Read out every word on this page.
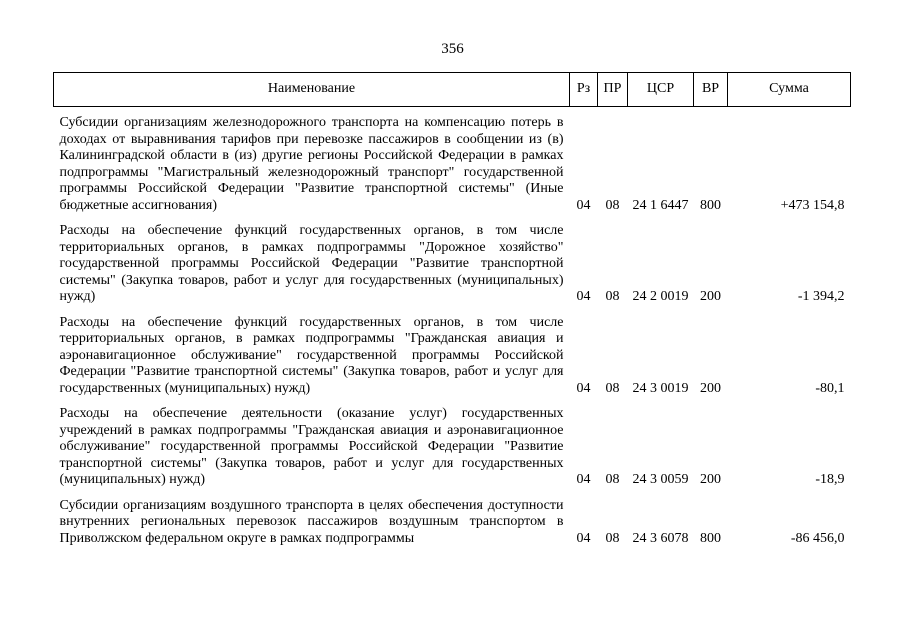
356
Наименование	Рз	ПР	ЦСР	ВР	Сумма
Субсидии организациям железнодорожного транспорта на компенсацию потерь в доходах от выравнивания тарифов при перевозке пассажиров в сообщении из (в) Калининградской области в (из) другие регионы Российской Федерации в рамках подпрограммы "Магистральный железнодорожный транспорт" государственной программы Российской Федерации "Развитие транспортной системы" (Иные бюджетные ассигнования)	04	08	24 1 6447	800	+473 154,8
Расходы на обеспечение функций государственных органов, в том числе территориальных органов, в рамках подпрограммы "Дорожное хозяйство" государственной программы Российской Федерации "Развитие транспортной системы" (Закупка товаров, работ и услуг для государственных (муниципальных) нужд)	04	08	24 2 0019	200	-1 394,2
Расходы на обеспечение функций государственных органов, в том числе территориальных органов, в рамках подпрограммы "Гражданская авиация и аэронавигационное обслуживание" государственной программы Российской Федерации "Развитие транспортной системы" (Закупка товаров, работ и услуг для государственных (муниципальных) нужд)	04	08	24 3 0019	200	-80,1
Расходы на обеспечение деятельности (оказание услуг) государственных учреждений в рамках подпрограммы "Гражданская авиация и аэронавигационное обслуживание" государственной программы Российской Федерации "Развитие транспортной системы" (Закупка товаров, работ и услуг для государственных (муниципальных) нужд)	04	08	24 3 0059	200	-18,9
Субсидии организациям воздушного транспорта в целях обеспечения доступности внутренних региональных перевозок пассажиров воздушным транспортом в Приволжском федеральном округе в рамках подпрограммы	04	08	24 3 6078	800	-86 456,0
